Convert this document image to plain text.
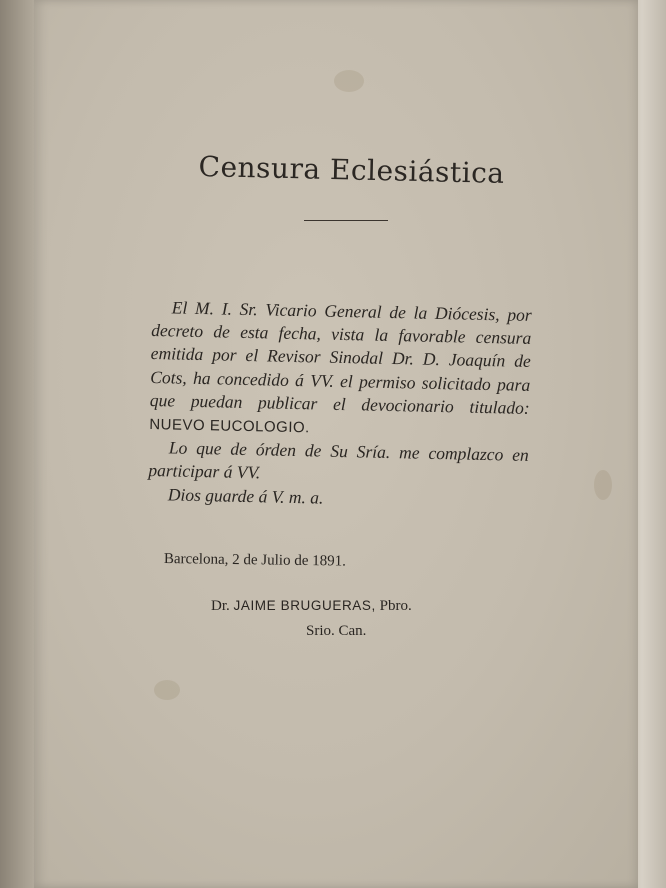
Censura Eclesiástica

El M. I. Sr. Vicario General de la Diócesis, por decreto de esta fecha, vista la favorable censura emitida por el Revisor Sinodal Dr. D. Joaquín de Cots, ha concedido á VV. el permiso solicitado para que puedan publicar el devocionario titulado: NUEVO EUCOLOGIO.

Lo que de órden de Su Sría. me complazco en participar á VV.

Dios guarde á V. m. a.

Barcelona, 2 de Julio de 1891.
Dr. JAIME BRUGUERAS, Pbro.
Srio. Can.
